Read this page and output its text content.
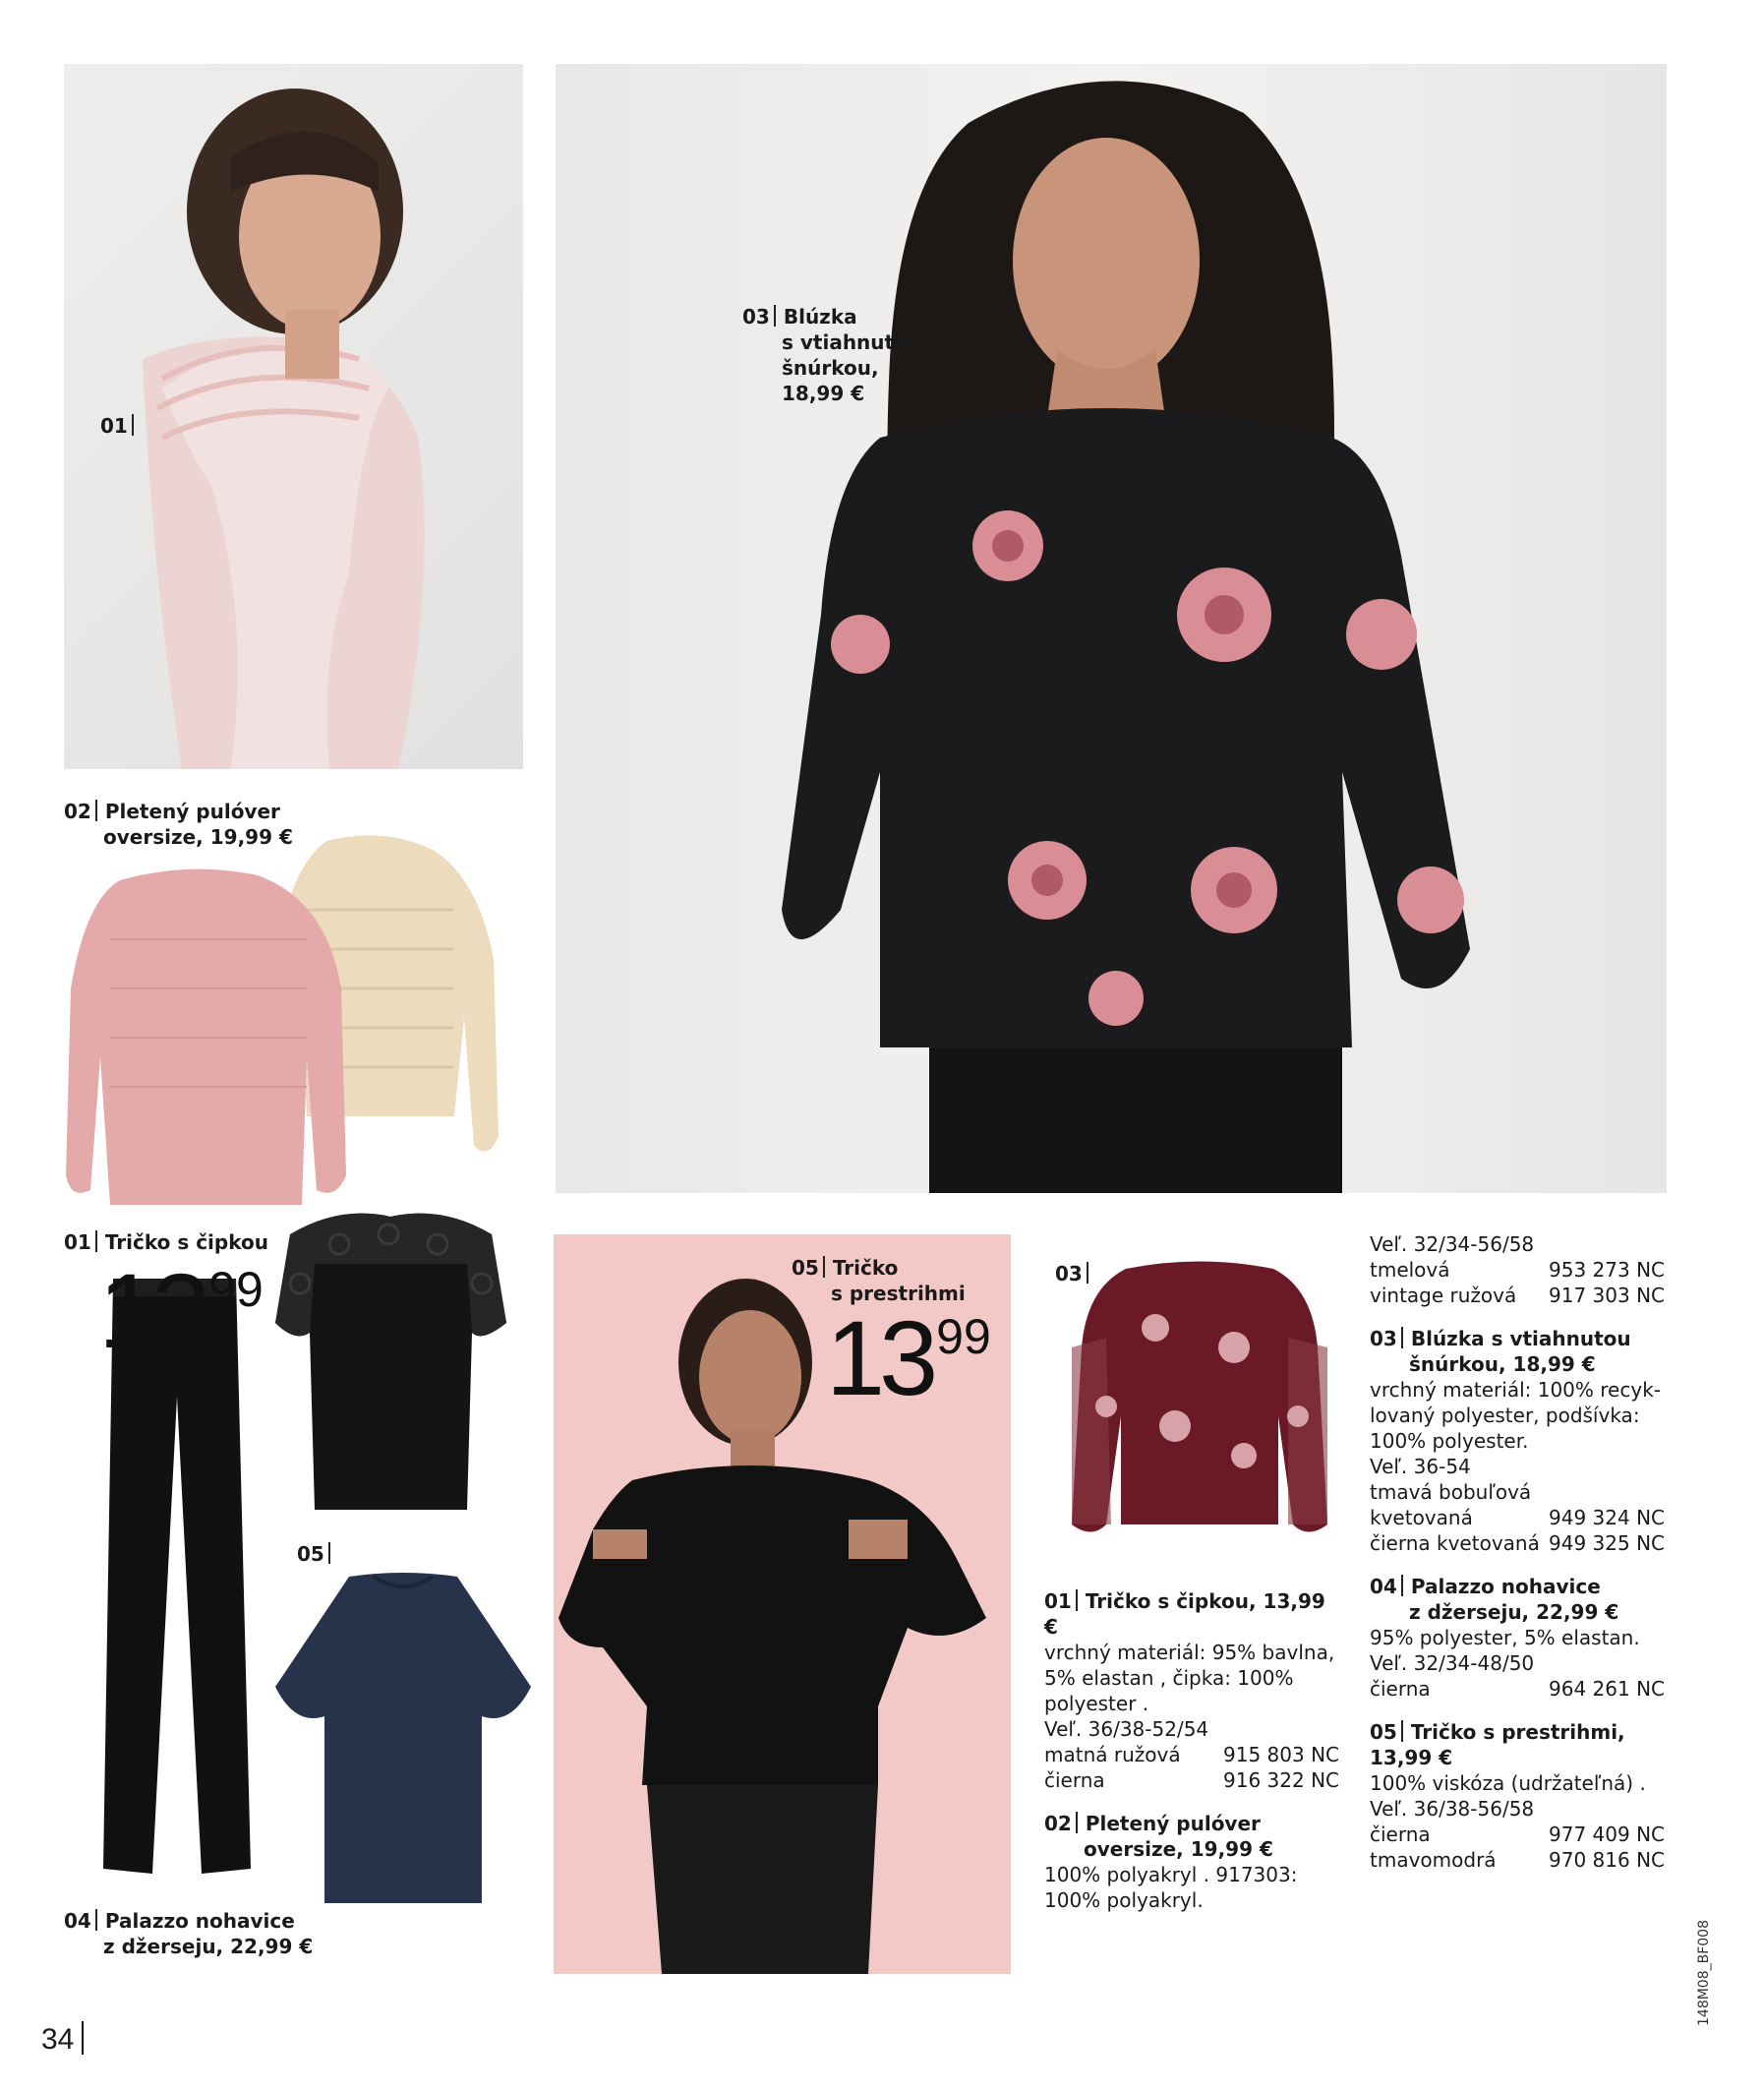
01
03 Blúzka
s vtiahnutou
šnúrkou,
18,99 €
02 Pletený pulóver
oversize, 19,99 €
01 Tričko s čipkou
1399
05
05 Tričko
s prestrihmi
1399
03
04 Palazzo nohavice
z džerseju, 22,99 €
01 Tričko s čipkou, 13,99 €
vrchný materiál: 95% bavlna,
5% elastan , čipka: 100%
polyester .
Veľ. 36/38-52/54
matná ružová 915 803 NC
čierna	916 322 NC
02 Pletený pulóver
oversize, 19,99 €
100% polyakryl . 917303:
100% polyakryl.
Veľ. 32/34-56/58
tmelová	953 273 NC
vintage ružová 917 303 NC
03 Blúzka s vtiahnutou
šnúrkou, 18,99 €
vrchný materiál: 100% recyk-
lovaný polyester, podšívka:
100% polyester.
Veľ. 36-54
tmavá bobuľová
kvetovaná	949 324 NC
čierna kvetovaná 949 325 NC
04 Palazzo nohavice
z džerseju, 22,99 €
95% polyester, 5% elastan.
Veľ. 32/34-48/50
čierna	964 261 NC
05 Tričko s prestrihmi,
13,99 €
100% viskóza (udržateľná) .
Veľ. 36/38-56/58
čierna	977 409 NC
tmavomodrá	970 816 NC
34
148M08_BF008
